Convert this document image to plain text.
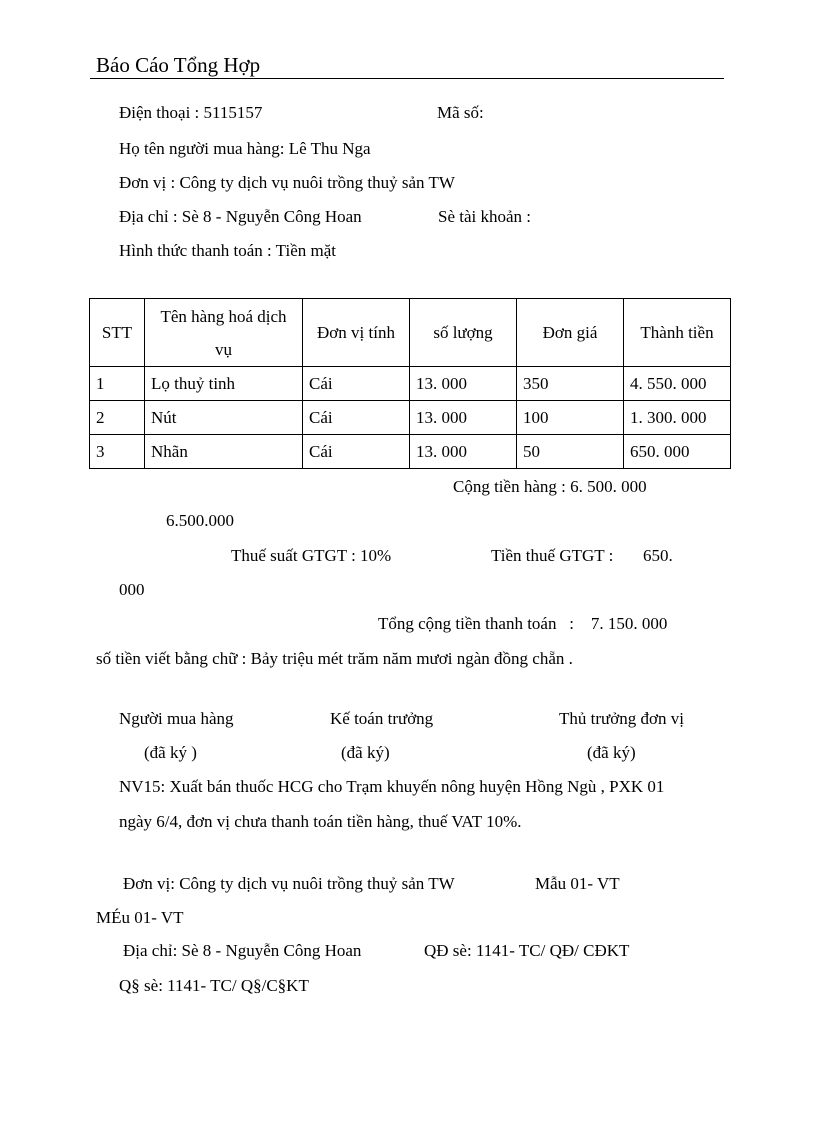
Báo Cáo Tổng Hợp
Điện thoại : 5115157	Mã số:
Họ tên người mua hàng: Lê Thu Nga
Đơn vị : Công ty dịch vụ nuôi trồng thuỷ sản TW
Địa chỉ : Sè 8 - Nguyễn Công Hoan	Sè tài khoản :
Hình thức thanh toán : Tiền mặt
STT	Tên hàng hoá dịch vụ	Đơn vị tính	số lượng	Đơn giá	Thành tiền
1	Lọ thuỷ tinh	Cái	13. 000	350	4. 550. 000
2	Nút	Cái	13. 000	100	1. 300. 000
3	Nhãn	Cái	13. 000	50	650. 000
Cộng tiền hàng : 6. 500. 000
6.500.000
Thuế suất GTGT : 10%	Tiền thuế GTGT :       650.
000
Tổng cộng tiền thanh toán   :    7. 150. 000
số tiền viết bằng chữ : Bảy triệu mét trăm năm mươi ngàn đồng chẵn .
Người mua hàng	Kế toán trưởng	Thủ trưởng đơn vị
(đã ký )	(đã ký)	(đã ký)
NV15: Xuất bán thuốc HCG cho Trạm khuyến nông huyện Hồng Ngù , PXK 01
ngày 6/4, đơn vị chưa thanh toán tiền hàng, thuế VAT 10%.
Đơn vị: Công ty dịch vụ nuôi trồng thuỷ sản TW	Mẫu 01- VT
MÉu 01- VT
Địa chỉ: Sè 8 - Nguyễn Công Hoan	QĐ sè: 1141- TC/ QĐ/ CĐKT
Q§ sè: 1141- TC/ Q§/C§KT
